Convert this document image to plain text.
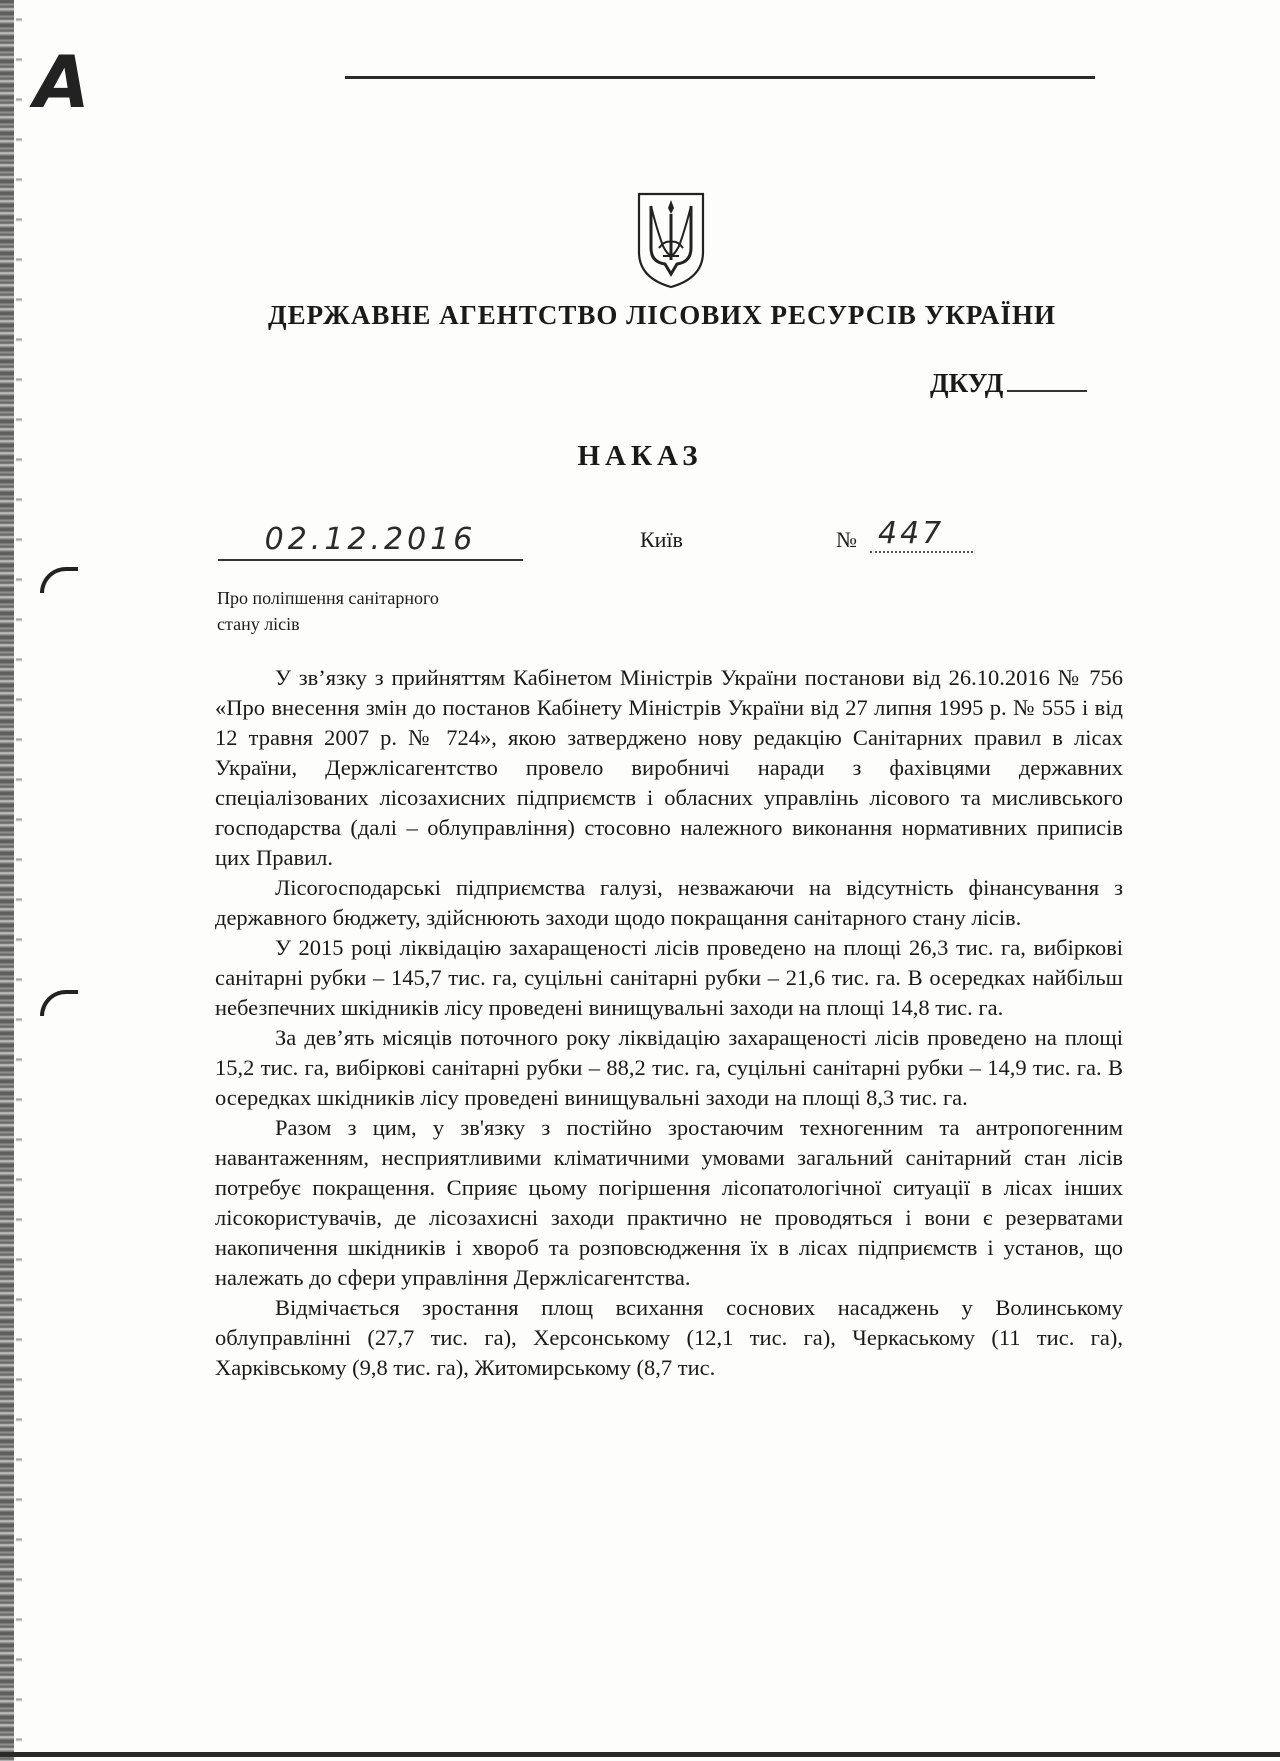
А
ДЕРЖАВНЕ АГЕНТСТВО ЛІСОВИХ РЕСУРСІВ УКРАЇНИ
ДКУД
НАКАЗ
02.12.2016	Київ	№ 447
Про поліпшення санітарного
стану лісів

У зв’язку з прийняттям Кабінетом Міністрів України постанови від 26.10.2016 № 756 «Про внесення змін до постанов Кабінету Міністрів України від 27 липня 1995 р. № 555 і від 12 травня 2007 р. № 724», якою затверджено нову редакцію Санітарних правил в лісах України, Держлісагентство провело виробничі наради з фахівцями державних спеціалізованих лісозахисних підприємств і обласних управлінь лісового та мисливського господарства (далі – облуправління) стосовно належного виконання нормативних приписів цих Правил.

Лісогосподарські підприємства галузі, незважаючи на відсутність фінансування з державного бюджету, здійснюють заходи щодо покращання санітарного стану лісів.

У 2015 році ліквідацію захаращеності лісів проведено на площі 26,3 тис. га, вибіркові санітарні рубки – 145,7 тис. га, суцільні санітарні рубки – 21,6 тис. га. В осередках найбільш небезпечних шкідників лісу проведені винищувальні заходи на площі 14,8 тис. га.

За дев’ять місяців поточного року ліквідацію захаращеності лісів проведено на площі 15,2 тис. га, вибіркові санітарні рубки – 88,2 тис. га, суцільні санітарні рубки – 14,9 тис. га. В осередках шкідників лісу проведені винищувальні заходи на площі 8,3 тис. га.

Разом з цим, у зв'язку з постійно зростаючим техногенним та антропогенним навантаженням, несприятливими кліматичними умовами загальний санітарний стан лісів потребує покращення. Сприяє цьому погіршення лісопатологічної ситуації в лісах інших лісокористувачів, де лісозахисні заходи практично не проводяться і вони є резерватами накопичення шкідників і хвороб та розповсюдження їх в лісах підприємств і установ, що належать до сфери управління Держлісагентства.

Відмічається зростання площ всихання соснових насаджень у Волинському облуправлінні (27,7 тис. га), Херсонському (12,1 тис. га), Черкаському (11 тис. га), Харківському (9,8 тис. га), Житомирському (8,7 тис.
